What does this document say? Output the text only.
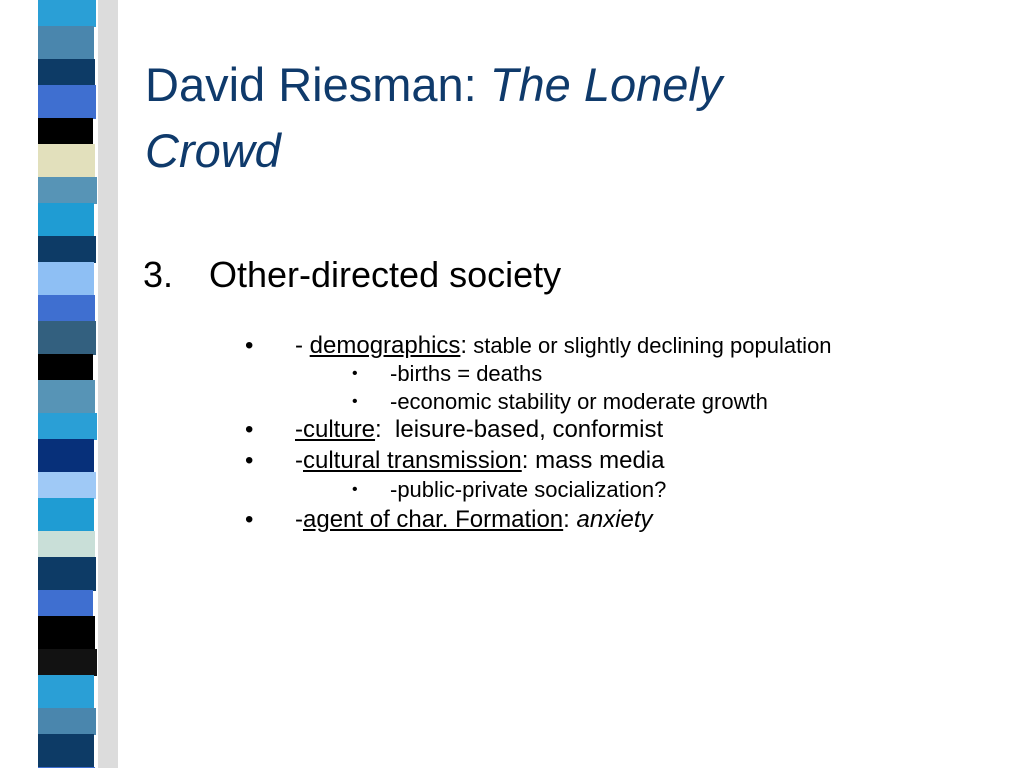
David Riesman: The Lonely
Crowd
3. Other-directed society
• - demographics: stable or slightly declining population
• -births = deaths
• -economic stability or moderate growth
• -culture:  leisure-based, conformist
• -cultural transmission: mass media
• -public-private socialization?
• -agent of char. Formation: anxiety
